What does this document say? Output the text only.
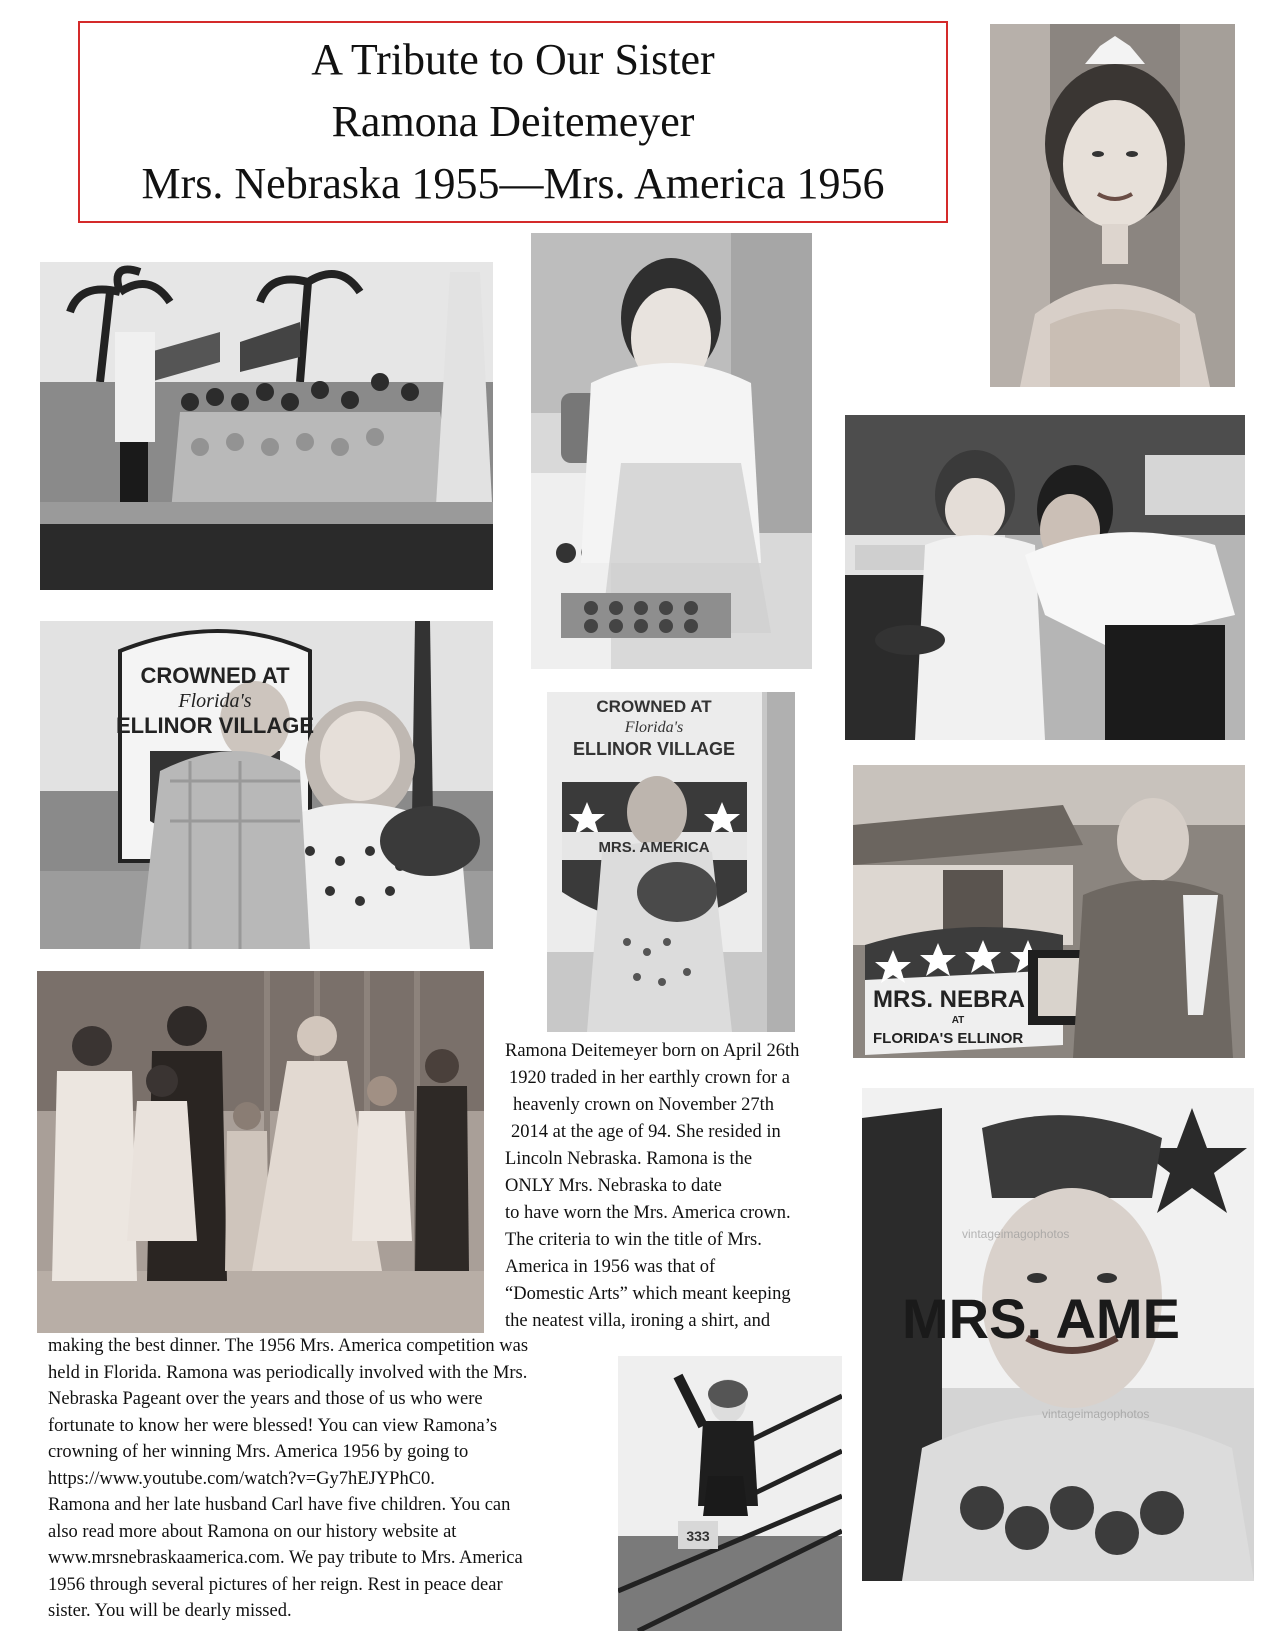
A Tribute to Our Sister
Ramona Deitemeyer
Mrs. Nebraska 1955—Mrs. America 1956
CROWNED AT
Florida's
ELLINOR VILLAGE
CROWNED AT
Florida's
ELLINOR VILLAGE
MRS. AMERICA
MRS. NEBRA
AT
FLORIDA'S ELLINOR
333
MRS. AME
vintageimagophotos
vintageimagophotos
Ramona Deitemeyer born on April 26th
1920 traded in her earthly crown for a
heavenly crown on November 27th
2014 at the age of 94. She resided in
Lincoln Nebraska. Ramona is the
ONLY Mrs. Nebraska to date
to have worn the Mrs. America crown.
The criteria to win the title of Mrs.
America in 1956 was that of
“Domestic Arts” which meant keeping
the neatest villa, ironing a shirt, and
making the best dinner. The 1956 Mrs. America competition was
held in Florida. Ramona was periodically involved with the Mrs.
Nebraska Pageant over the years and those of us who were
fortunate to know her were blessed! You can view Ramona’s
crowning of her winning Mrs. America 1956 by going to
https://www.youtube.com/watch?v=Gy7hEJYPhC0.
Ramona and her late husband Carl have five children. You can
also read more about Ramona on our history website at
www.mrsnebraskaamerica.com. We pay tribute to Mrs. America
1956 through several pictures of her reign. Rest in peace dear
sister. You will be dearly missed.
